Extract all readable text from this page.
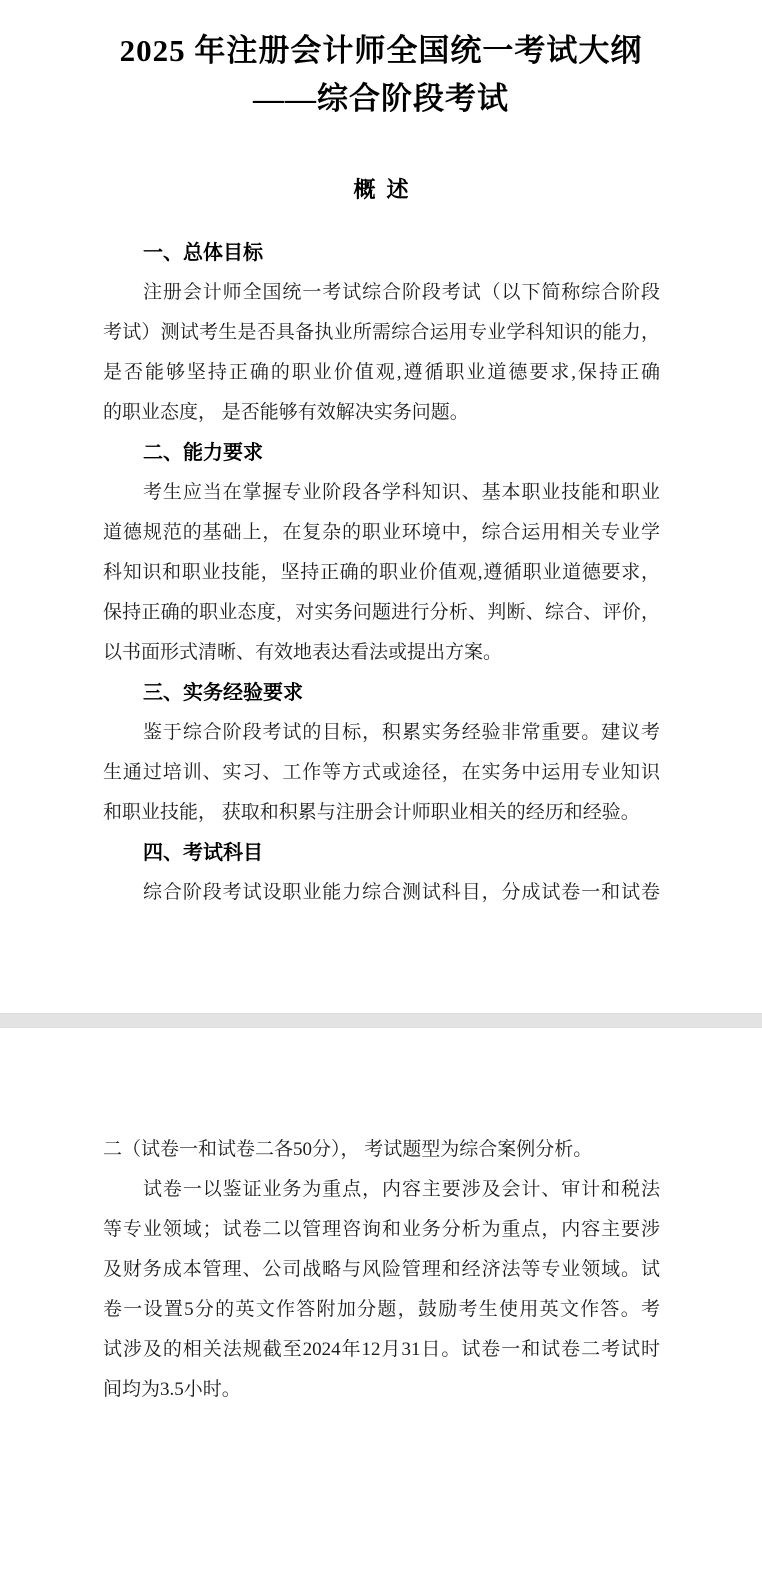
2025 年注册会计师全国统一考试大纲
——综合阶段考试
概  述
一、总体目标
注册会计师全国统一考试综合阶段考试（以下简称综合阶段
考试）测试考生是否具备执业所需综合运用专业学科知识的能力，
是否能够坚持正确的职业价值观,遵循职业道德要求,保持正确
的职业态度， 是否能够有效解决实务问题。
二、能力要求
考生应当在掌握专业阶段各学科知识、基本职业技能和职业
道德规范的基础上，在复杂的职业环境中，综合运用相关专业学
科知识和职业技能，坚持正确的职业价值观,遵循职业道德要求，
保持正确的职业态度，对实务问题进行分析、判断、综合、评价，
以书面形式清晰、有效地表达看法或提出方案。
三、实务经验要求
鉴于综合阶段考试的目标，积累实务经验非常重要。建议考
生通过培训、实习、工作等方式或途径，在实务中运用专业知识
和职业技能， 获取和积累与注册会计师职业相关的经历和经验。
四、考试科目
综合阶段考试设职业能力综合测试科目，分成试卷一和试卷
二（试卷一和试卷二各50分）， 考试题型为综合案例分析。
试卷一以鉴证业务为重点，内容主要涉及会计、审计和税法
等专业领域；试卷二以管理咨询和业务分析为重点，内容主要涉
及财务成本管理、公司战略与风险管理和经济法等专业领域。试
卷一设置5分的英文作答附加分题，鼓励考生使用英文作答。考
试涉及的相关法规截至2024年12月31日。试卷一和试卷二考试时
间均为3.5小时。
